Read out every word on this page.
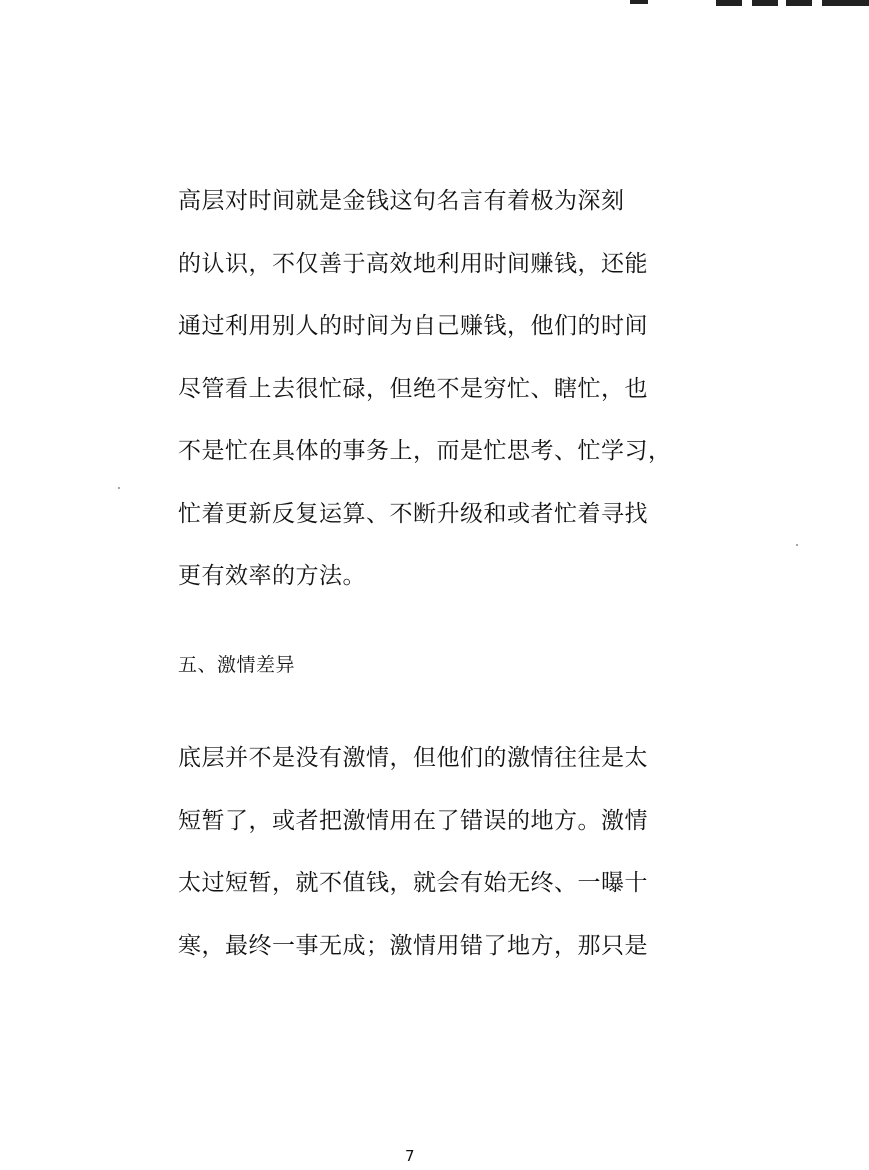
高层对时间就是金钱这句名言有着极为深刻
的认识，不仅善于高效地利用时间赚钱，还能
通过利用别人的时间为自己赚钱，他们的时间
尽管看上去很忙碌，但绝不是穷忙、瞎忙，也
不是忙在具体的事务上，而是忙思考、忙学习，
忙着更新反复运算、不断升级和或者忙着寻找
更有效率的方法。
五、激情差异
底层并不是没有激情，但他们的激情往往是太
短暂了，或者把激情用在了错误的地方。激情
太过短暂，就不值钱，就会有始无终、一曝十
寒，最终一事无成；激情用错了地方，那只是
7
